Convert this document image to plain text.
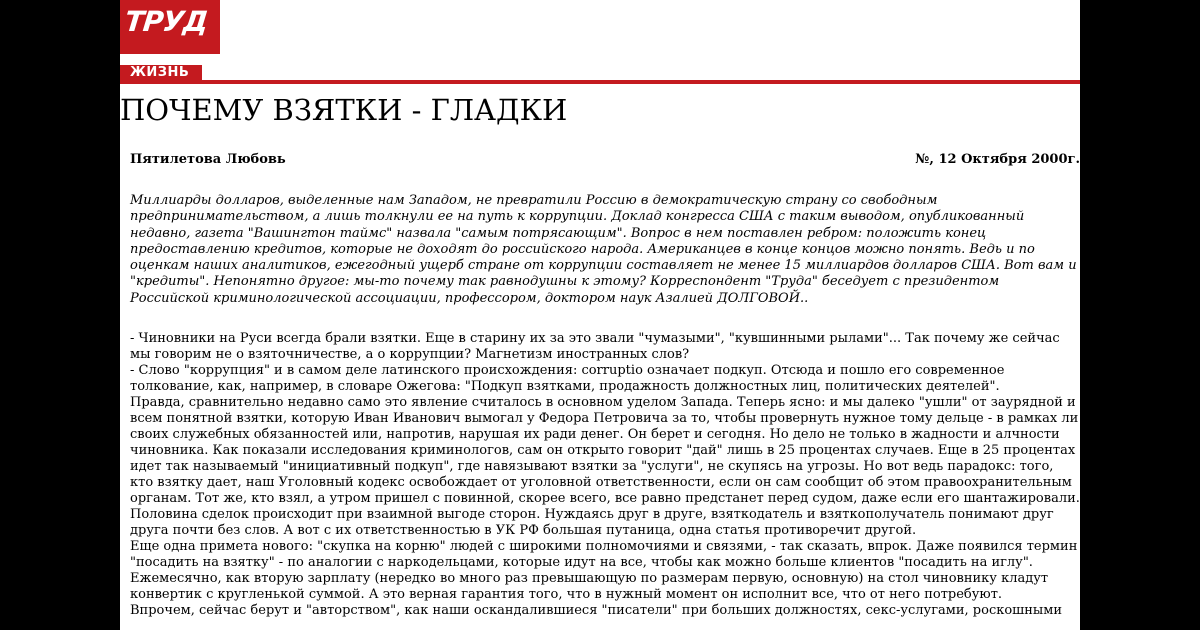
ТРУД
ЖИЗНЬ
ПОЧЕМУ ВЗЯТКИ - ГЛАДКИ
Пятилетова Любовь	№, 12 Октября 2000г.

Миллиарды долларов, выделенные нам Западом, не превратили Россию в демократическую страну со свободным предпринимательством, а лишь толкнули ее на путь к коррупции. Доклад конгресса США с таким выводом, опубликованный недавно, газета "Вашингтон таймс" назвала "самым потрясающим". Вопрос в нем поставлен ребром: положить конец предоставлению кредитов, которые не доходят до российского народа. Американцев в конце концов можно понять. Ведь и по оценкам наших аналитиков, ежегодный ущерб стране от коррупции составляет не менее 15 миллиардов долларов США. Вот вам и "кредиты". Непонятно другое: мы-то почему так равнодушны к этому? Корреспондент "Труда" беседует с президентом Российской криминологической ассоциации, профессором, доктором наук Азалией ДОЛГОВОЙ..

- Чиновники на Руси всегда брали взятки. Еще в старину их за это звали "чумазыми", "кувшинными рылами"... Так почему же сейчас мы говорим не о взяточничестве, а о коррупции? Магнетизм иностранных слов?

- Слово "коррупция" и в самом деле латинского происхождения: corruptio означает подкуп. Отсюда и пошло его современное толкование, как, например, в словаре Ожегова: "Подкуп взятками, продажность должностных лиц, политических деятелей".

Правда, сравнительно недавно само это явление считалось в основном уделом Запада. Теперь ясно: и мы далеко "ушли" от заурядной и всем понятной взятки, которую Иван Иванович вымогал у Федора Петровича за то, чтобы провернуть нужное тому дельце - в рамках ли своих служебных обязанностей или, напротив, нарушая их ради денег. Он берет и сегодня. Но дело не только в жадности и алчности чиновника. Как показали исследования криминологов, сам он открыто говорит "дай" лишь в 25 процентах случаев. Еще в 25 процентах идет так называемый "инициативный подкуп", где навязывают взятки за "услуги", не скупясь на угрозы. Но вот ведь парадокс: того, кто взятку дает, наш Уголовный кодекс освобождает от уголовной ответственности, если он сам сообщит об этом правоохранительным органам. Тот же, кто взял, а утром пришел с повинной, скорее всего, все равно предстанет перед судом, даже если его шантажировали.

Половина сделок происходит при взаимной выгоде сторон. Нуждаясь друг в друге, взяткодатель и взяткополучатель понимают друг друга почти без слов. А вот с их ответственностью в УК РФ большая путаница, одна статья противоречит другой.

Еще одна примета нового: "скупка на корню" людей с широкими полномочиями и связями, - так сказать, впрок. Даже появился термин "посадить на взятку" - по аналогии с наркодельцами, которые идут на все, чтобы как можно больше клиентов "посадить на иглу". Ежемесячно, как вторую зарплату (нередко во много раз превышающую по размерам первую, основную) на стол чиновнику кладут конвертик с кругленькой суммой. А это верная гарантия того, что в нужный момент он исполнит все, что от него потребуют.

Впрочем, сейчас берут и "авторством", как наши оскандалившиеся "писатели" при больших должностях, секс-услугами, роскошными
